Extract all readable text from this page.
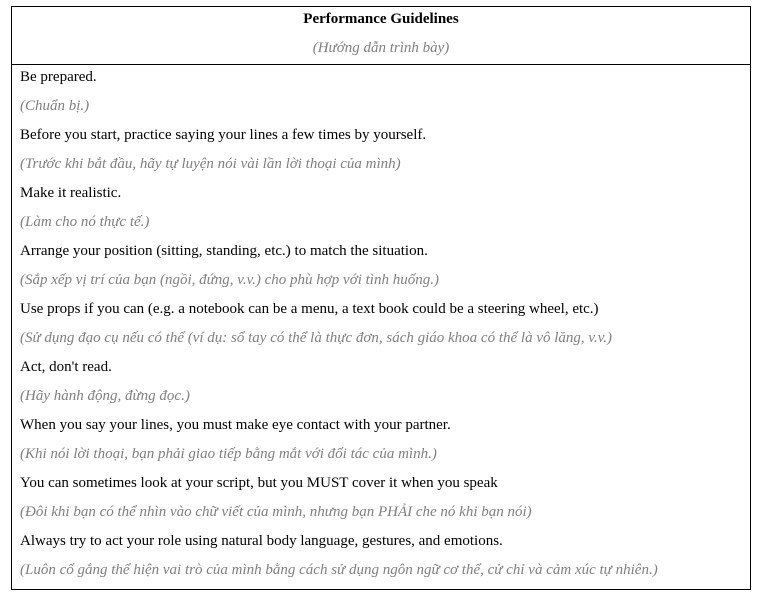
Performance Guidelines
(Hướng dẫn trình bày)
Be prepared.
(Chuẩn bị.)
Before you start, practice saying your lines a few times by yourself.
(Trước khi bắt đầu, hãy tự luyện nói vài lần lời thoại của mình)
Make it realistic.
(Làm cho nó thực tế.)
Arrange your position (sitting, standing, etc.) to match the situation.
(Sắp xếp vị trí của bạn (ngồi, đứng, v.v.) cho phù hợp với tình huống.)
Use props if you can (e.g. a notebook can be a menu, a text book could be a steering wheel, etc.)
(Sử dụng đạo cụ nếu có thể (ví dụ: sổ tay có thể là thực đơn, sách giáo khoa có thể là vô lăng, v.v.)
Act, don't read.
(Hãy hành động, đừng đọc.)
When you say your lines, you must make eye contact with your partner.
(Khi nói lời thoại, bạn phải giao tiếp bằng mắt với đối tác của mình.)
You can sometimes look at your script, but you MUST cover it when you speak
(Đôi khi bạn có thể nhìn vào chữ viết của mình, nhưng bạn PHẢI che nó khi bạn nói)
Always try to act your role using natural body language, gestures, and emotions.
(Luôn cố gắng thể hiện vai trò của mình bằng cách sử dụng ngôn ngữ cơ thể, cử chỉ và cảm xúc tự nhiên.)
